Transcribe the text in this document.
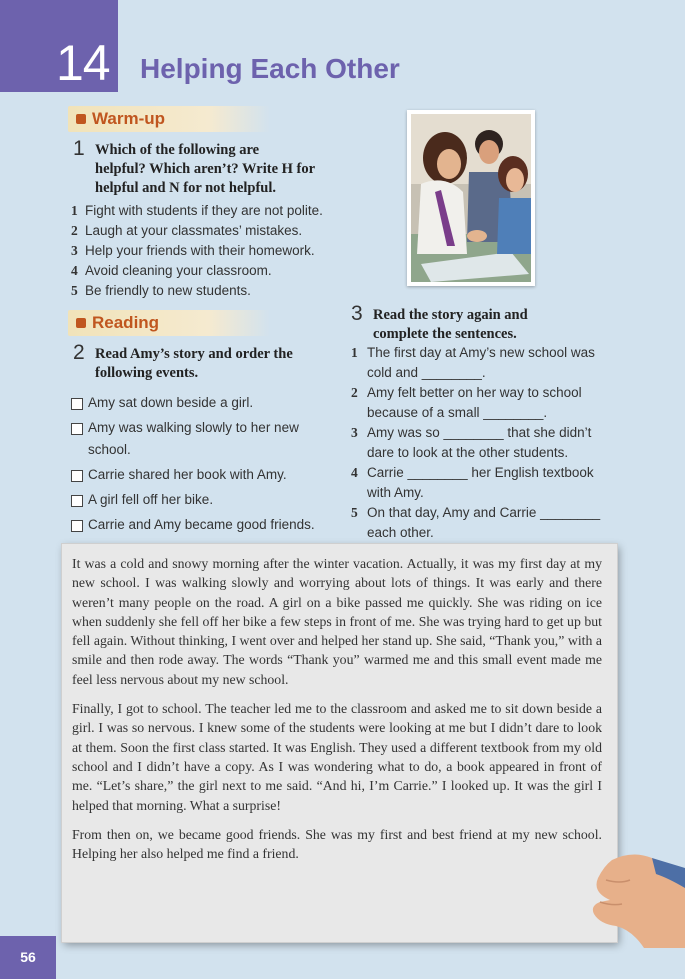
14 Helping Each Other
Warm-up
1 Which of the following are
helpful? Which aren’t? Write H for
helpful and N for not helpful.
1 Fight with students if they are not polite.
2 Laugh at your classmates’ mistakes.
3 Help your friends with their homework.
4 Avoid cleaning your classroom.
5 Be friendly to new students.
Reading
2 Read Amy’s story and order the
following events.
Amy sat down beside a girl.
Amy was walking slowly to her new
school.
Carrie shared her book with Amy.
A girl fell off her bike.
Carrie and Amy became good friends.
3 Read the story again and
complete the sentences.
1 The first day at Amy’s new school was
cold and ________.
2 Amy felt better on her way to school
because of a small ________.
3 Amy was so ________ that she didn’t
dare to look at the other students.
4 Carrie ________ her English textbook
with Amy.
5 On that day, Amy and Carrie ________
each other.

It was a cold and snowy morning after the winter vacation. Actually, it was my first day at my new school. I was walking slowly and worrying about lots of things. It was early and there weren’t many people on the road. A girl on a bike passed me quickly. She was riding on ice when suddenly she fell off her bike a few steps in front of me. She was trying hard to get up but fell again. Without thinking, I went over and helped her stand up. She said, “Thank you,” with a smile and then rode away. The words “Thank you” warmed me and this small event made me feel less nervous about my new school.

Finally, I got to school. The teacher led me to the classroom and asked me to sit down beside a girl. I was so nervous. I knew some of the students were looking at me but I didn’t dare to look at them. Soon the first class started. It was English. They used a different textbook from my old school and I didn’t have a copy. As I was wondering what to do, a book appeared in front of me. “Let’s share,” the girl next to me said. “And hi, I’m Carrie.” I looked up. It was the girl I helped that morning. What a surprise!

From then on, we became good friends. She was my first and best friend at my new school. Helping her also helped me find a friend.

56
